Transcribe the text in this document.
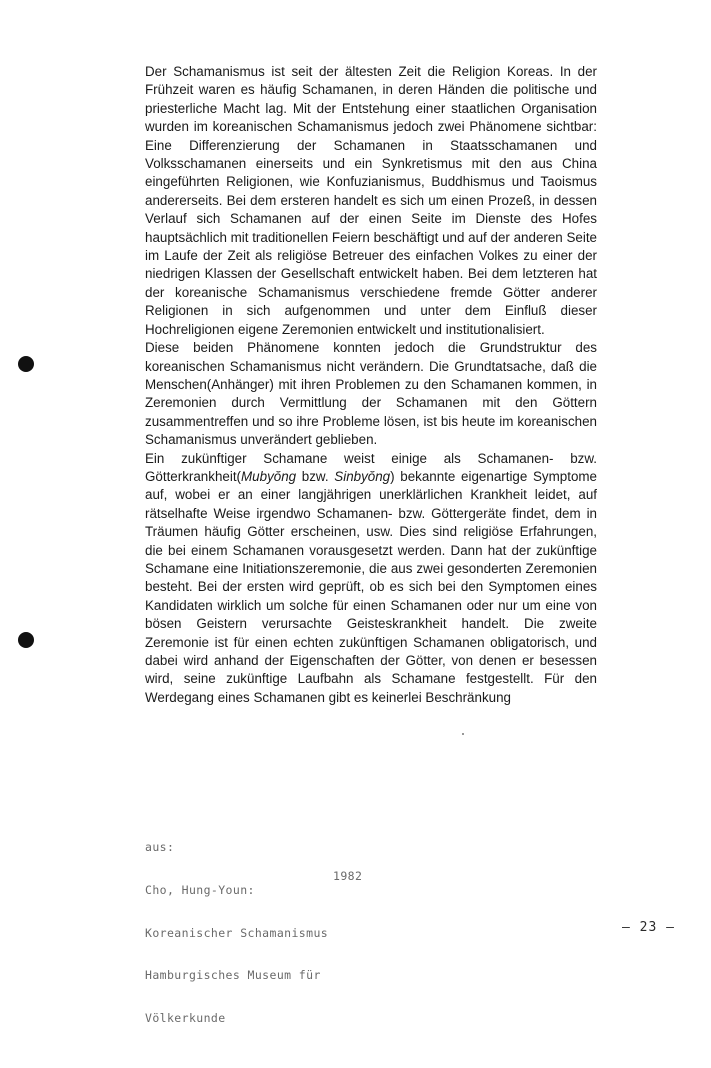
Der Schamanismus ist seit der ältesten Zeit die Religion Koreas. In der Frühzeit waren es häufig Schamanen, in deren Händen die politische und priesterliche Macht lag. Mit der Entstehung einer staatlichen Organisation wurden im koreanischen Schamanismus jedoch zwei Phänomene sichtbar: Eine Differenzierung der Schamanen in Staatsschamanen und Volksschamanen einerseits und ein Synkretismus mit den aus China eingeführten Religionen, wie Konfuzianismus, Buddhismus und Taoismus andererseits. Bei dem ersteren handelt es sich um einen Prozeß, in dessen Verlauf sich Schamanen auf der einen Seite im Dienste des Hofes hauptsächlich mit traditionellen Feiern beschäftigt und auf der anderen Seite im Laufe der Zeit als religiöse Betreuer des einfachen Volkes zu einer der niedrigen Klassen der Gesellschaft entwickelt haben. Bei dem letzteren hat der koreanische Schamanismus verschiedene fremde Götter anderer Religionen in sich aufgenommen und unter dem Einfluß dieser Hochreligionen eigene Zeremonien entwickelt und institutionalisiert.

Diese beiden Phänomene konnten jedoch die Grundstruktur des koreanischen Schamanismus nicht verändern. Die Grundtatsache, daß die Menschen(Anhänger) mit ihren Problemen zu den Schamanen kommen, in Zeremonien durch Vermittlung der Schamanen mit den Göttern zusammentreffen und so ihre Probleme lösen, ist bis heute im koreanischen Schamanismus unverändert geblieben.

Ein zukünftiger Schamane weist einige als Schamanen- bzw. Götterkrankheit(Mubyŏng bzw. Sinbyŏng) bekannte eigenartige Symptome auf, wobei er an einer langjährigen unerklärlichen Krankheit leidet, auf rätselhafte Weise irgendwo Schamanen- bzw. Göttergeräte findet, dem in Träumen häufig Götter erscheinen, usw. Dies sind religiöse Erfahrungen, die bei einem Schamanen vorausgesetzt werden. Dann hat der zukünftige Schamane eine Initiationszeremonie, die aus zwei gesonderten Zeremonien besteht. Bei der ersten wird geprüft, ob es sich bei den Symptomen eines Kandidaten wirklich um solche für einen Schamanen oder nur um eine von bösen Geistern verursachte Geisteskrankheit handelt. Die zweite Zeremonie ist für einen echten zukünftigen Schamanen obligatorisch, und dabei wird anhand der Eigenschaften der Götter, von denen er besessen wird, seine zukünftige Laufbahn als Schamane festgestellt. Für den Werdegang eines Schamanen gibt es keinerlei Beschränkung

aus:

Cho, Hung-Youn:

Koreanischer Schamanismus

Hamburgisches Museum für

Völkerkunde

1982

– 23 –
